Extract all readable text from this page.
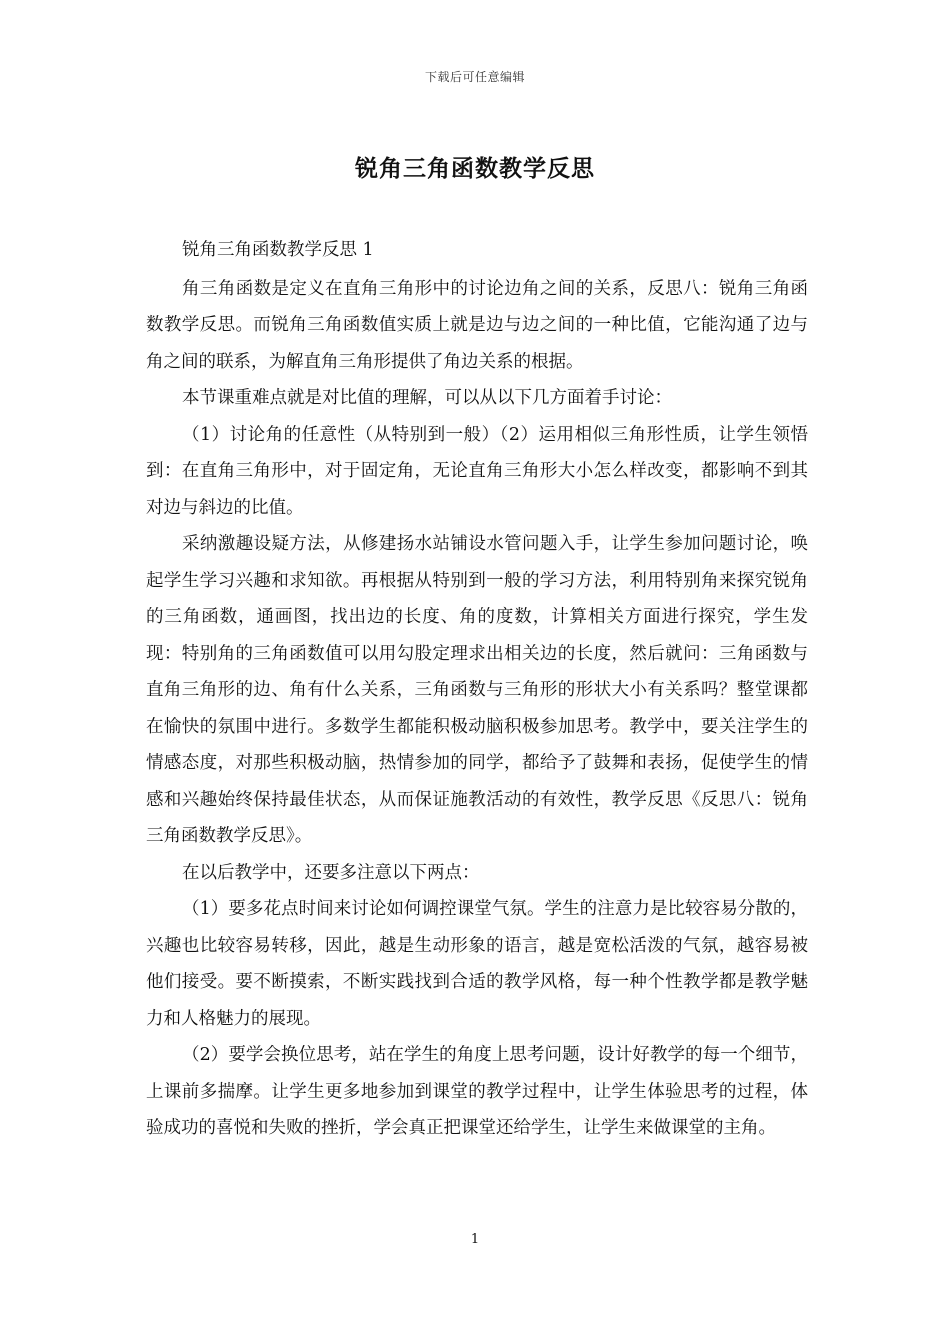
下载后可任意编辑
锐角三角函数教学反思

锐角三角函数教学反思 1

角三角函数是定义在直角三角形中的讨论边角之间的关系，反思八：锐角三角函数教学反思。而锐角三角函数值实质上就是边与边之间的一种比值，它能沟通了边与角之间的联系，为解直角三角形提供了角边关系的根据。

本节课重难点就是对比值的理解，可以从以下几方面着手讨论：

（1）讨论角的任意性（从特别到一般）（2）运用相似三角形性质，让学生领悟到：在直角三角形中，对于固定角，无论直角三角形大小怎么样改变，都影响不到其对边与斜边的比值。

采纳激趣设疑方法，从修建扬水站铺设水管问题入手，让学生参加问题讨论，唤起学生学习兴趣和求知欲。再根据从特别到一般的学习方法，利用特别角来探究锐角的三角函数，通画图，找出边的长度、角的度数，计算相关方面进行探究，学生发现：特别角的三角函数值可以用勾股定理求出相关边的长度，然后就问：三角函数与直角三角形的边、角有什么关系，三角函数与三角形的形状大小有关系吗？整堂课都在愉快的氛围中进行。多数学生都能积极动脑积极参加思考。教学中，要关注学生的情感态度，对那些积极动脑，热情参加的同学，都给予了鼓舞和表扬，促使学生的情感和兴趣始终保持最佳状态，从而保证施教活动的有效性，教学反思《反思八：锐角三角函数教学反思》。

在以后教学中，还要多注意以下两点：

（1）要多花点时间来讨论如何调控课堂气氛。学生的注意力是比较容易分散的，兴趣也比较容易转移，因此，越是生动形象的语言，越是宽松活泼的气氛，越容易被他们接受。要不断摸索，不断实践找到合适的教学风格，每一种个性教学都是教学魅力和人格魅力的展现。

（2）要学会换位思考，站在学生的角度上思考问题，设计好教学的每一个细节，上课前多揣摩。让学生更多地参加到课堂的教学过程中，让学生体验思考的过程，体验成功的喜悦和失败的挫折，学会真正把课堂还给学生，让学生来做课堂的主角。

1
